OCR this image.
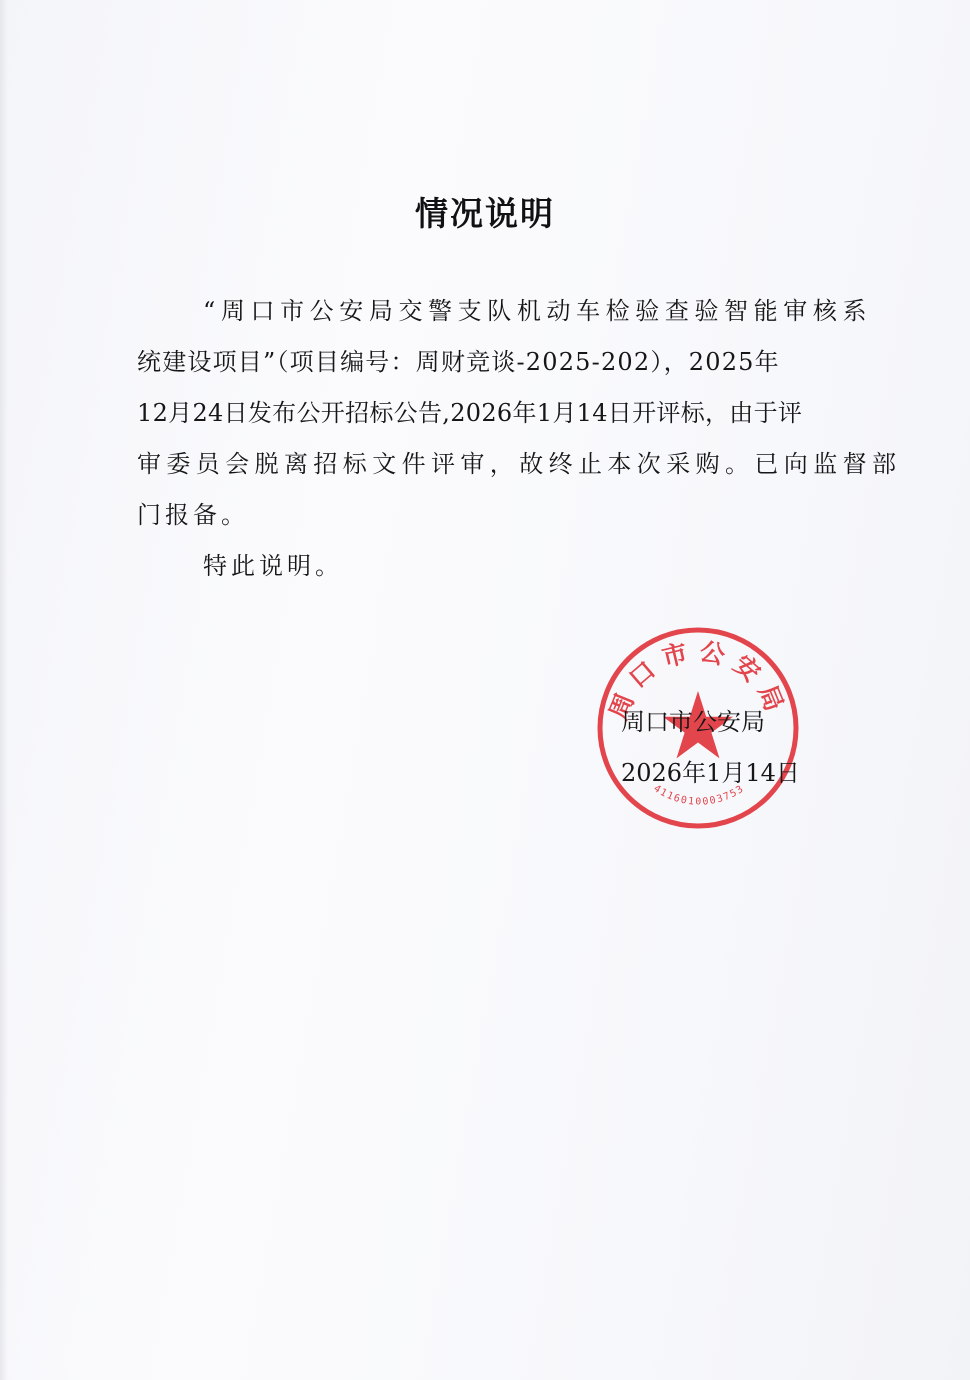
情况说明

“周口市公安局交警支队机动车检验查验智能审核系

统建设项目”（项目编号：周财竞谈-2025-202），2025年

12月24日发布公开招标公告,2026年1月14日开评标，由于评

审委员会脱离招标文件评审，故终止本次采购。已向监督部

门报备。

特此说明。

周口市公安局
4116010003753

周口市公安局

2026年1月14日
